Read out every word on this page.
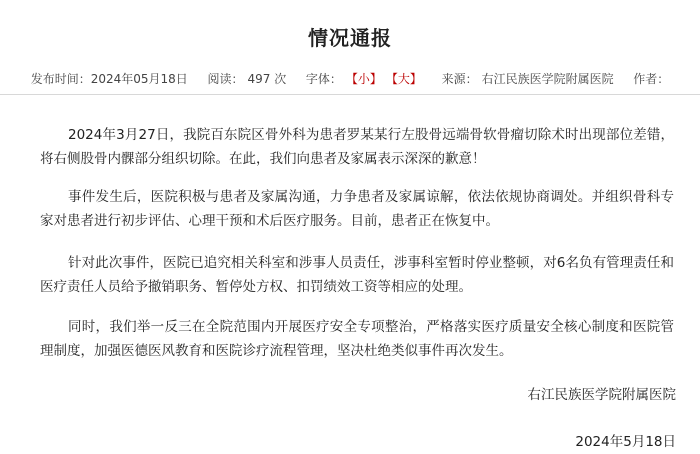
情况通报
发布时间：2024年05月18日 阅读： 497 次 字体： 【小】 【大】 来源： 右江民族医学院附属医院 作者：

2024年3月27日，我院百东院区骨外科为患者罗某某行左股骨远端骨软骨瘤切除术时出现部位差错，将右侧股骨内髁部分组织切除。在此，我们向患者及家属表示深深的歉意！

事件发生后，医院积极与患者及家属沟通，力争患者及家属谅解，依法依规协商调处。并组织骨科专家对患者进行初步评估、心理干预和术后医疗服务。目前，患者正在恢复中。

针对此次事件，医院已追究相关科室和涉事人员责任，涉事科室暂时停业整顿，对6名负有管理责任和医疗责任人员给予撤销职务、暂停处方权、扣罚绩效工资等相应的处理。

同时，我们举一反三在全院范围内开展医疗安全专项整治，严格落实医疗质量安全核心制度和医院管理制度，加强医德医风教育和医院诊疗流程管理，坚决杜绝类似事件再次发生。

右江民族医学院附属医院
2024年5月18日
